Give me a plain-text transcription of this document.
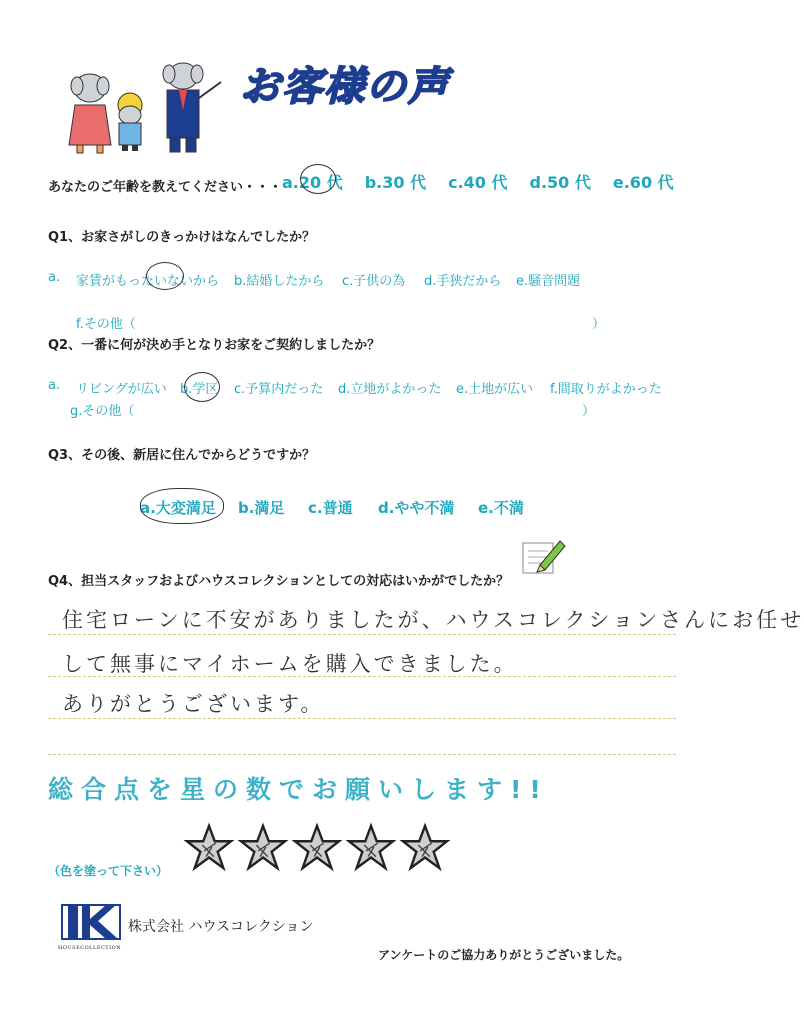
お客様の声
あなたのご年齢を教えてください・・・ a.20 代 b.30 代 c.40 代 d.50 代 e.60 代
Q1、お家さがしのきっかけはなんでしたか？
a. 家賃がもったいないから b.結婚したから c.子供の為 d.手狭だから e.騒音問題
f.その他（	）
Q2、一番に何が決め手となりお家をご契約しましたか？
a. リビングが広い b.学区 c.予算内だった d.立地がよかった e.土地が広い f.間取りがよかった
g.その他（	）
Q3、その後、新居に住んでからどうですか？
a.大変満足 b.満足 c.普通 d.やや不満 e.不満
Q4、担当スタッフおよびハウスコレクションとしての対応はいかがでしたか？
住宅ローンに不安がありましたが、ハウスコレクションさんにお任せ
して無事にマイホームを購入できました。
ありがとうございます。
総合点を星の数でお願いします!!
（色を塗って下さい）
HOUSECOLLECTION
株式会社 ハウスコレクション
アンケートのご協力ありがとうございました。
